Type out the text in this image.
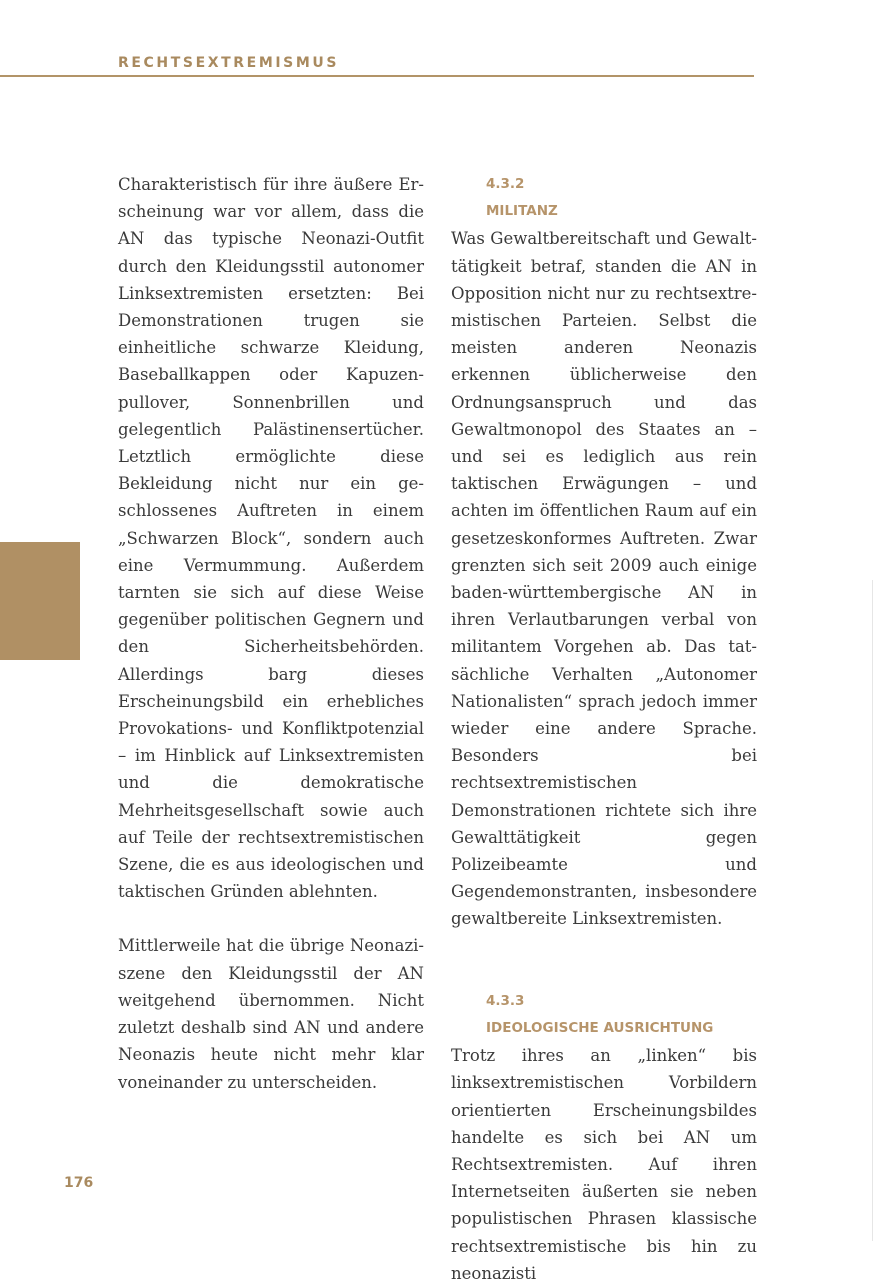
RECHTSEXTREMISMUS

Charakteristisch für ihre äußere Erscheinung war vor allem, dass die AN das typische Neonazi-Outfit durch den Kleidungsstil autonomer Linksextremisten ersetzten: Bei Demonstrationen trugen sie einheitliche schwarze Kleidung, Baseballkappen oder Kapuzenpullover, Sonnenbrillen und gelegentlich Palästinensertücher. Letztlich ermöglichte diese Bekleidung nicht nur ein geschlossenes Auftreten in einem „Schwarzen Block“, sondern auch eine Vermummung. Außerdem tarnten sie sich auf diese Weise gegenüber politischen Gegnern und den Sicherheitsbehörden. Allerdings barg dieses Erscheinungsbild ein erhebliches Provokations- und Konfliktpotenzial – im Hinblick auf Linksextremisten und die demokratische Mehrheitsgesellschaft sowie auch auf Teile der rechtsextremistischen Szene, die es aus ideologischen und taktischen Gründen ablehnten.

Mittlerweile hat die übrige Neonaziszene den Kleidungsstil der AN weitgehend übernommen. Nicht zuletzt deshalb sind AN und andere Neonazis heute nicht mehr klar voneinander zu unterscheiden.

4.3.2
MILITANZ

Was Gewaltbereitschaft und Gewalttätigkeit betraf, standen die AN in Opposition nicht nur zu rechtsextremistischen Parteien. Selbst die meisten anderen Neonazis erkennen üblicherweise den Ordnungsanspruch und das Gewaltmonopol des Staates an – und sei es lediglich aus rein taktischen Erwägungen – und achten im öffentlichen Raum auf ein gesetzeskonformes Auftreten. Zwar grenzten sich seit 2009 auch einige baden-württembergische AN in ihren Verlautbarungen verbal von militantem Vorgehen ab. Das tatsächliche Verhalten „Autonomer Nationalisten“ sprach jedoch immer wieder eine andere Sprache. Besonders bei rechtsextremistischen Demonstrationen richtete sich ihre Gewalttätigkeit gegen Polizeibeamte und Gegendemonstranten, insbesondere gewaltbereite Linksextremisten.

4.3.3
IDEOLOGISCHE AUSRICHTUNG

Trotz ihres an „linken“ bis linksextremistischen Vorbildern orientierten Erscheinungsbildes handelte es sich bei AN um Rechtsextremisten. Auf ihren Internetseiten äußerten sie neben populistischen Phrasen klassische rechtsextremistische bis hin zu neonazisti

176
